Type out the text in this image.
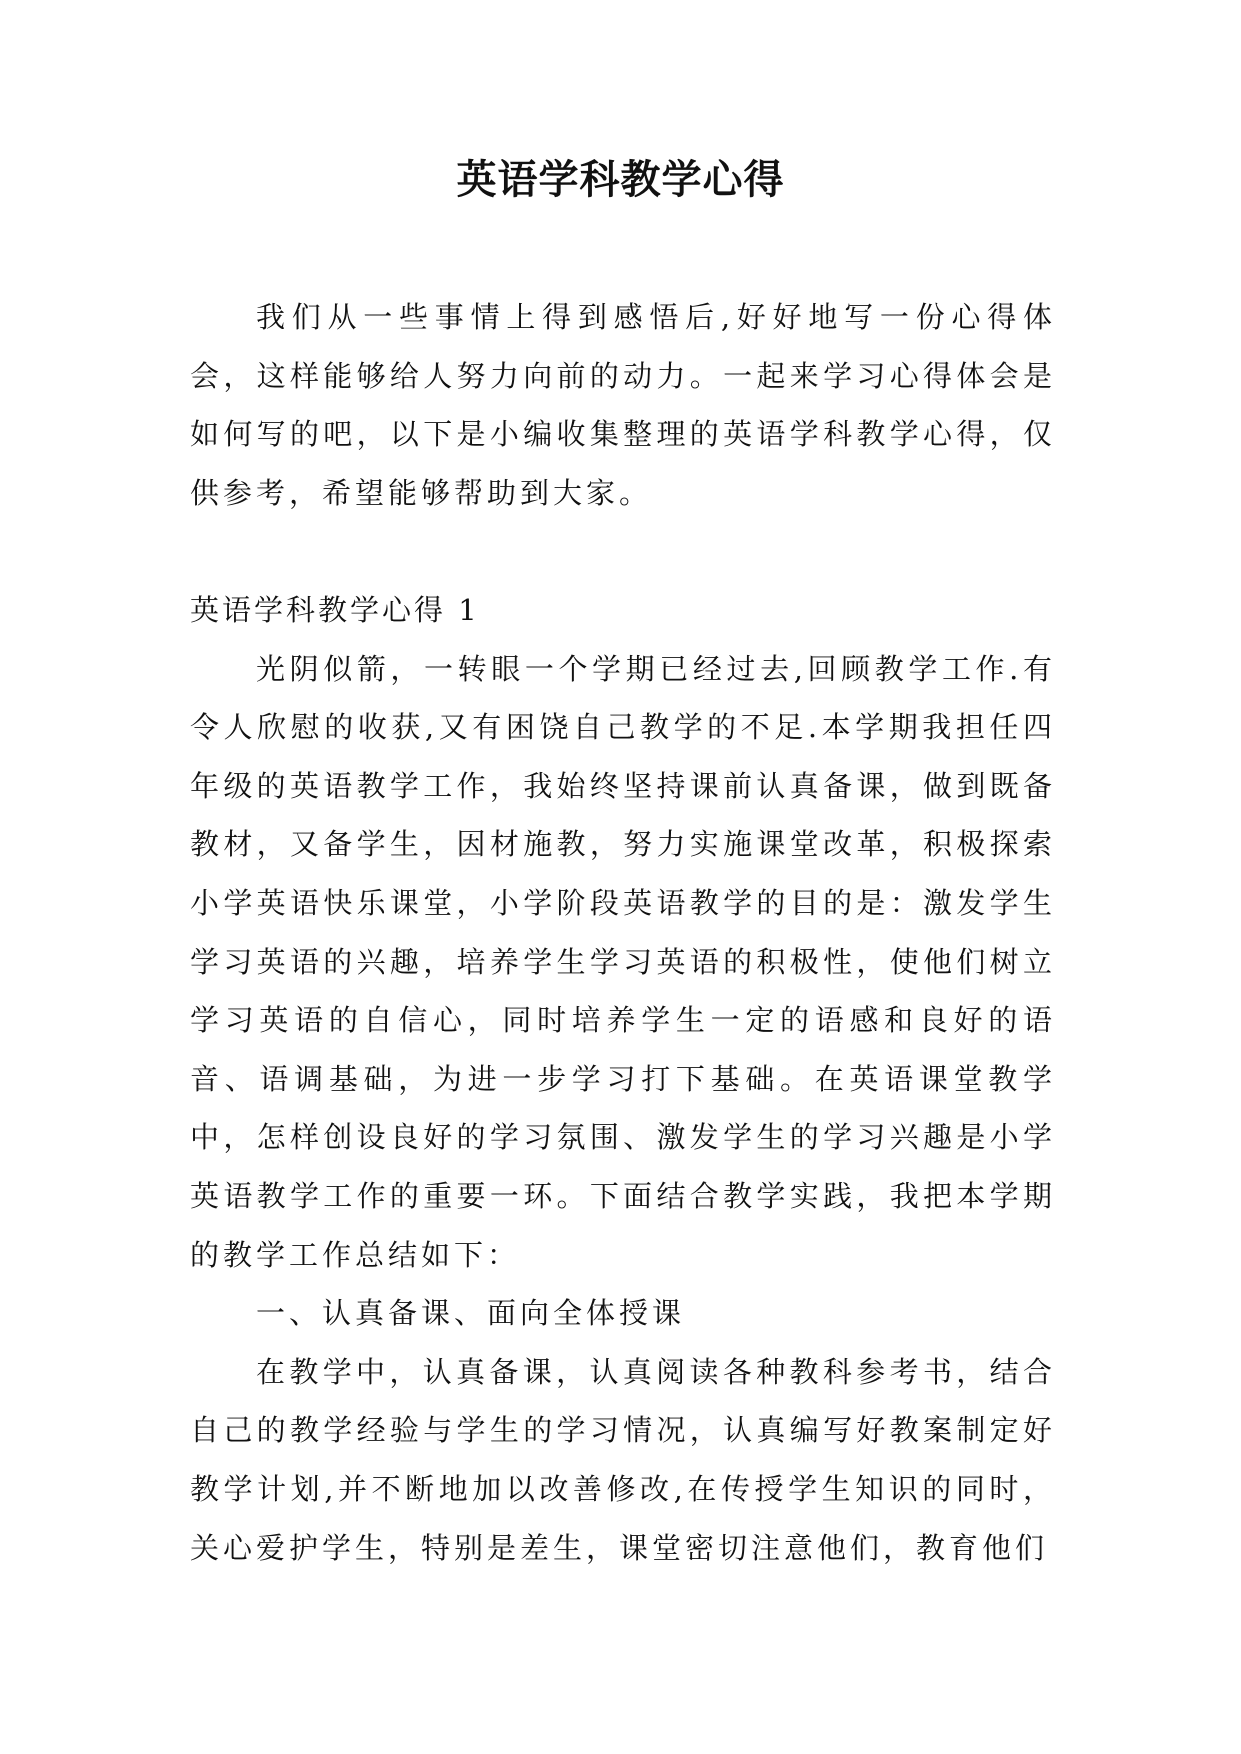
英语学科教学心得

我们从一些事情上得到感悟后,好好地写一份心得体会，这样能够给人努力向前的动力。一起来学习心得体会是如何写的吧，以下是小编收集整理的英语学科教学心得，仅供参考，希望能够帮助到大家。

英语学科教学心得 1

光阴似箭，一转眼一个学期已经过去,回顾教学工作.有令人欣慰的收获,又有困饶自己教学的不足.本学期我担任四年级的英语教学工作，我始终坚持课前认真备课，做到既备教材，又备学生，因材施教，努力实施课堂改革，积极探索小学英语快乐课堂，小学阶段英语教学的目的是：激发学生学习英语的兴趣，培养学生学习英语的积极性，使他们树立学习英语的自信心，同时培养学生一定的语感和良好的语音、语调基础，为进一步学习打下基础。在英语课堂教学中，怎样创设良好的学习氛围、激发学生的学习兴趣是小学英语教学工作的重要一环。下面结合教学实践，我把本学期的教学工作总结如下：

一、认真备课、面向全体授课

在教学中，认真备课，认真阅读各种教科参考书，结合自己的教学经验与学生的学习情况，认真编写好教案制定好教学计划,并不断地加以改善修改,在传授学生知识的同时，关心爱护学生，特别是差生，课堂密切注意他们，教育他们
